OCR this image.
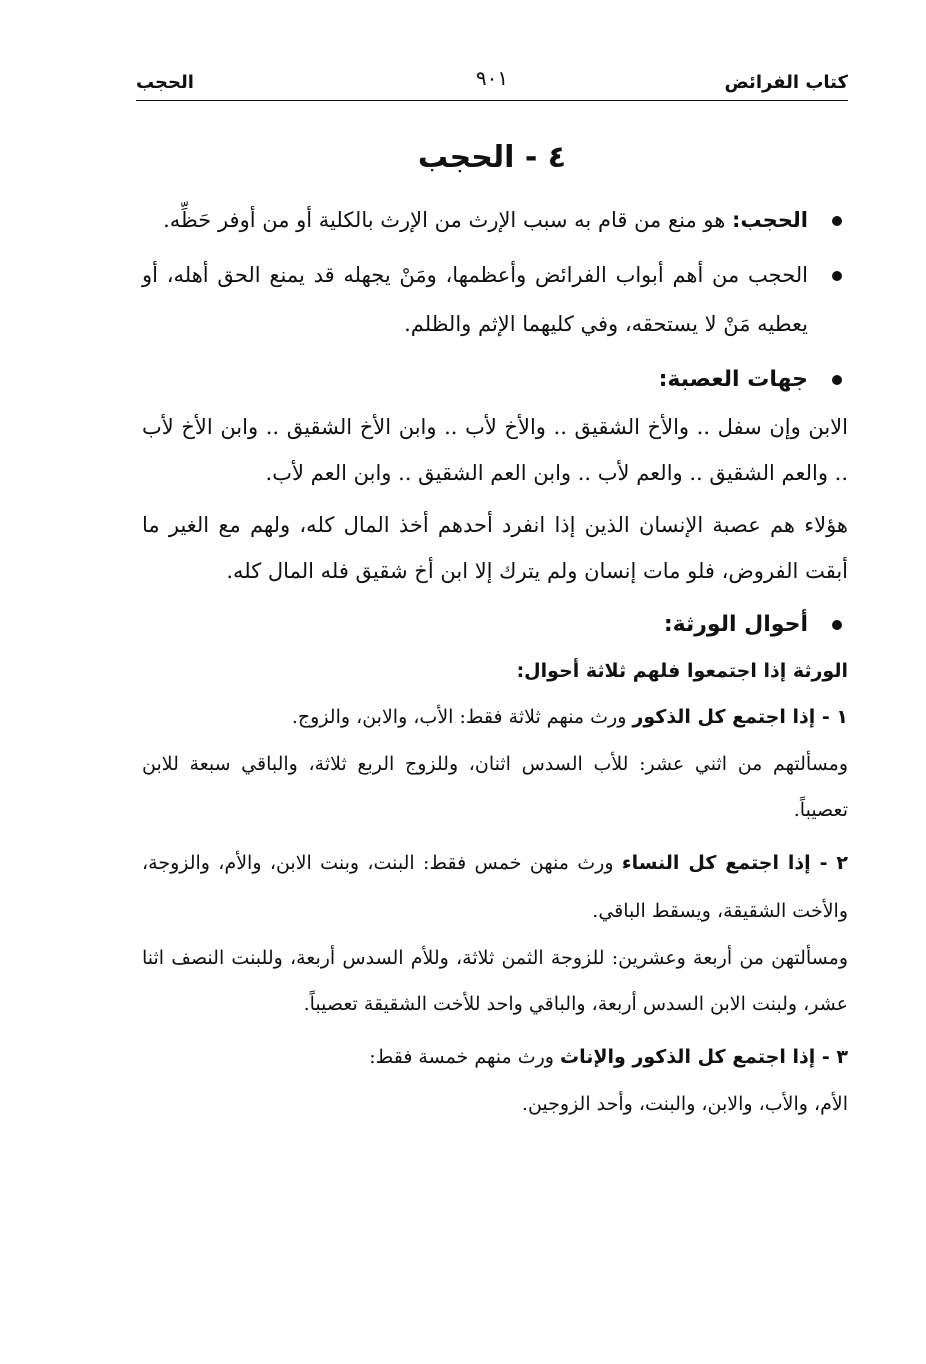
كتاب الفرائض
٩٠١
الحجب
٤ - الحجب

الحجب: هو منع من قام به سبب الإرث من الإرث بالكلية أو من أوفر حَظِّه.

الحجب من أهم أبواب الفرائض وأعظمها، ومَنْ يجهله قد يمنع الحق أهله، أو يعطيه مَنْ لا يستحقه، وفي كليهما الإثم والظلم.

جهات العصبة:

الابن وإن سفل .. والأخ الشقيق .. والأخ لأب .. وابن الأخ الشقيق .. وابن الأخ لأب .. والعم الشقيق .. والعم لأب .. وابن العم الشقيق .. وابن العم لأب.

هؤلاء هم عصبة الإنسان الذين إذا انفرد أحدهم أخذ المال كله، ولهم مع الغير ما أبقت الفروض، فلو مات إنسان ولم يترك إلا ابن أخ شقيق فله المال كله.

أحوال الورثة:

الورثة إذا اجتمعوا فلهم ثلاثة أحوال:

١ - إذا اجتمع كل الذكور ورث منهم ثلاثة فقط: الأب، والابن، والزوج.

ومسألتهم من اثني عشر: للأب السدس اثنان، وللزوج الربع ثلاثة، والباقي سبعة للابن تعصيباً.

٢ - إذا اجتمع كل النساء ورث منهن خمس فقط: البنت، وبنت الابن، والأم، والزوجة، والأخت الشقيقة، ويسقط الباقي.

ومسألتهن من أربعة وعشرين: للزوجة الثمن ثلاثة، وللأم السدس أربعة، وللبنت النصف اثنا عشر، ولبنت الابن السدس أربعة، والباقي واحد للأخت الشقيقة تعصيباً.

٣ - إذا اجتمع كل الذكور والإناث ورث منهم خمسة فقط:

الأم، والأب، والابن، والبنت، وأحد الزوجين.
